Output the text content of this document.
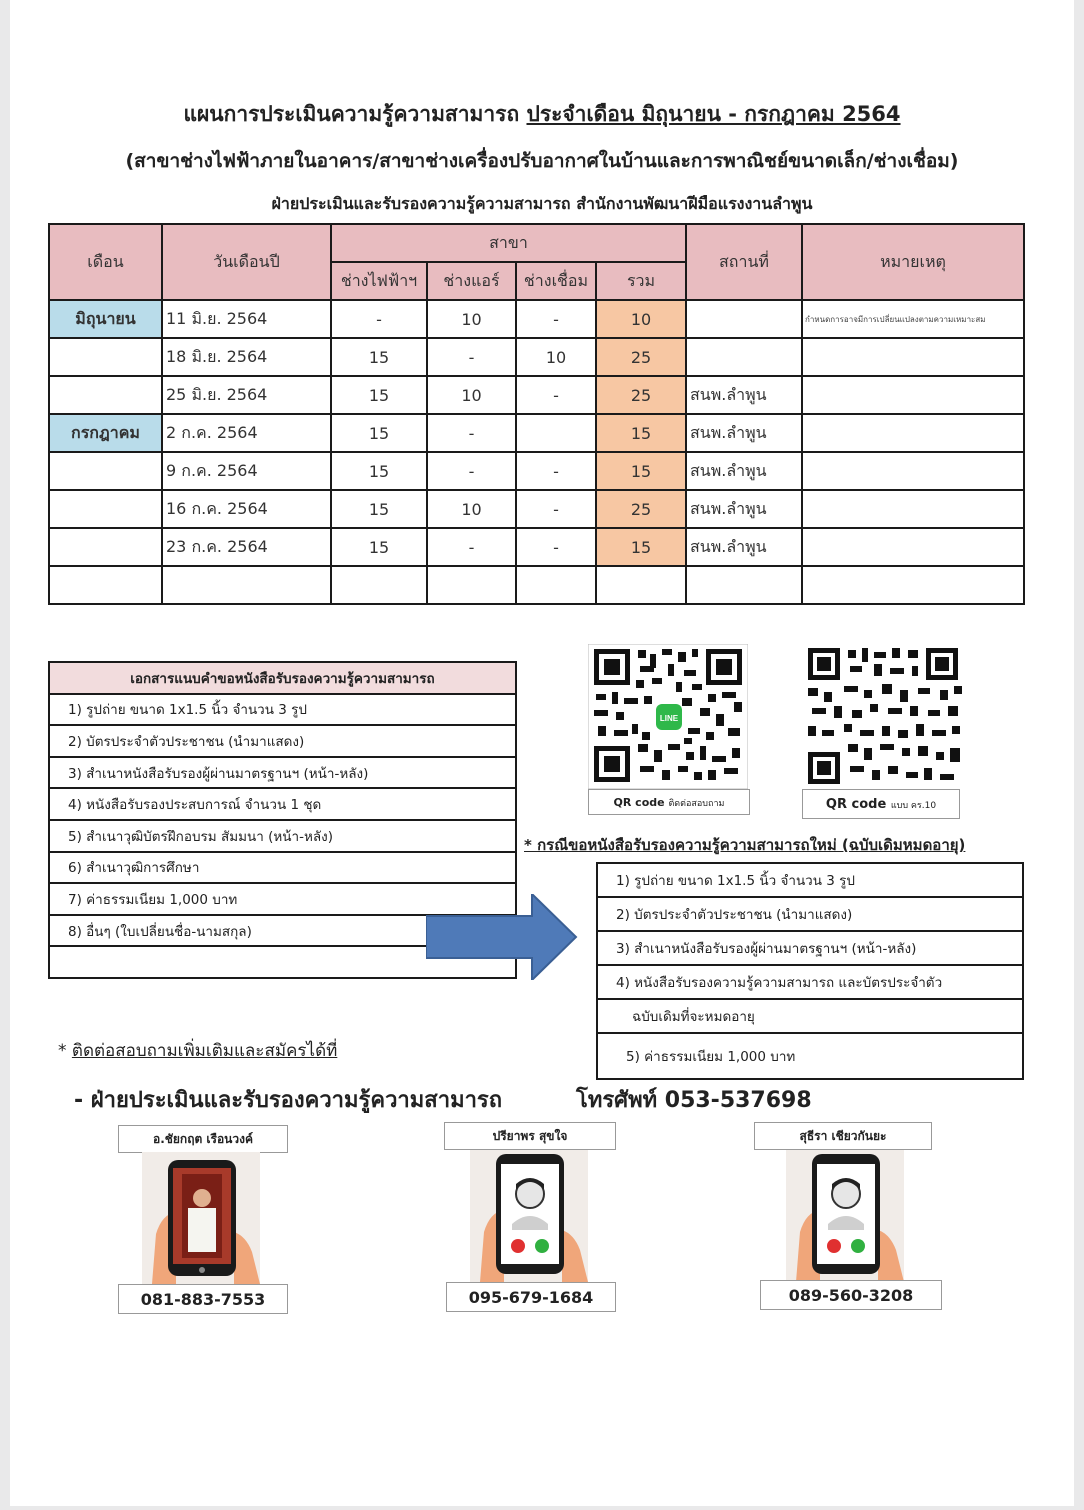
แผนการประเมินความรู้ความสามารถ ประจำเดือน มิถุนายน - กรกฎาคม 2564
(สาขาช่างไฟฟ้าภายในอาคาร/สาขาช่างเครื่องปรับอากาศในบ้านและการพาณิชย์ขนาดเล็ก/ช่างเชื่อม)
ฝ่ายประเมินและรับรองความรู้ความสามารถ สำนักงานพัฒนาฝีมือแรงงานลำพูน
เดือน	วันเดือนปี	สาขา				สถานที่	หมายเหตุ
		ช่างไฟฟ้าฯ	ช่างแอร์	ช่างเชื่อม	รวม		
มิถุนายน	11 มิ.ย. 2564	-	10	-	10		กำหนดการอาจมีการเปลี่ยนแปลงตามความเหมาะสม
	18 มิ.ย. 2564	15	-	10	25		
	25 มิ.ย. 2564	15	10	-	25	สนพ.ลำพูน	
กรกฎาคม	2 ก.ค. 2564	15	-		15	สนพ.ลำพูน	
	9 ก.ค. 2564	15	-	-	15	สนพ.ลำพูน	
	16 ก.ค. 2564	15	10	-	25	สนพ.ลำพูน	
	23 ก.ค. 2564	15	-	-	15	สนพ.ลำพูน	

เอกสารแนบคำขอหนังสือรับรองความรู้ความสามารถ
1) รูปถ่าย ขนาด 1x1.5 นิ้ว จำนวน 3 รูป
2) บัตรประจำตัวประชาชน (นำมาแสดง)
3) สำเนาหนังสือรับรองผู้ผ่านมาตรฐานฯ (หน้า-หลัง)
4) หนังสือรับรองประสบการณ์ จำนวน 1 ชุด
5) สำเนาวุฒิบัตรฝึกอบรม สัมมนา (หน้า-หลัง)
6) สำเนาวุฒิการศึกษา
7) ค่าธรรมเนียม 1,000 บาท
8) อื่นๆ (ใบเปลี่ยนชื่อ-นามสกุล)

LINE
QR code ติดต่อสอบถาม	QR code แบบ คร.10
* กรณีขอหนังสือรับรองความรู้ความสามารถใหม่ (ฉบับเดิมหมดอายุ)
1) รูปถ่าย ขนาด 1x1.5 นิ้ว จำนวน 3 รูป
2) บัตรประจำตัวประชาชน (นำมาแสดง)
3) สำเนาหนังสือรับรองผู้ผ่านมาตรฐานฯ (หน้า-หลัง)
4) หนังสือรับรองความรู้ความสามารถ และบัตรประจำตัว
ฉบับเดิมที่จะหมดอายุ
5) ค่าธรรมเนียม 1,000 บาท
* ติดต่อสอบถามเพิ่มเติมและสมัครได้ที่
- ฝ่ายประเมินและรับรองความรู้ความสามารถ	โทรศัพท์ 053-537698
อ.ชัยกฤต เรือนวงค์
081-883-7553
ปรียาพร สุขใจ
095-679-1684
สุธีรา เชียวกันยะ
089-560-3208
